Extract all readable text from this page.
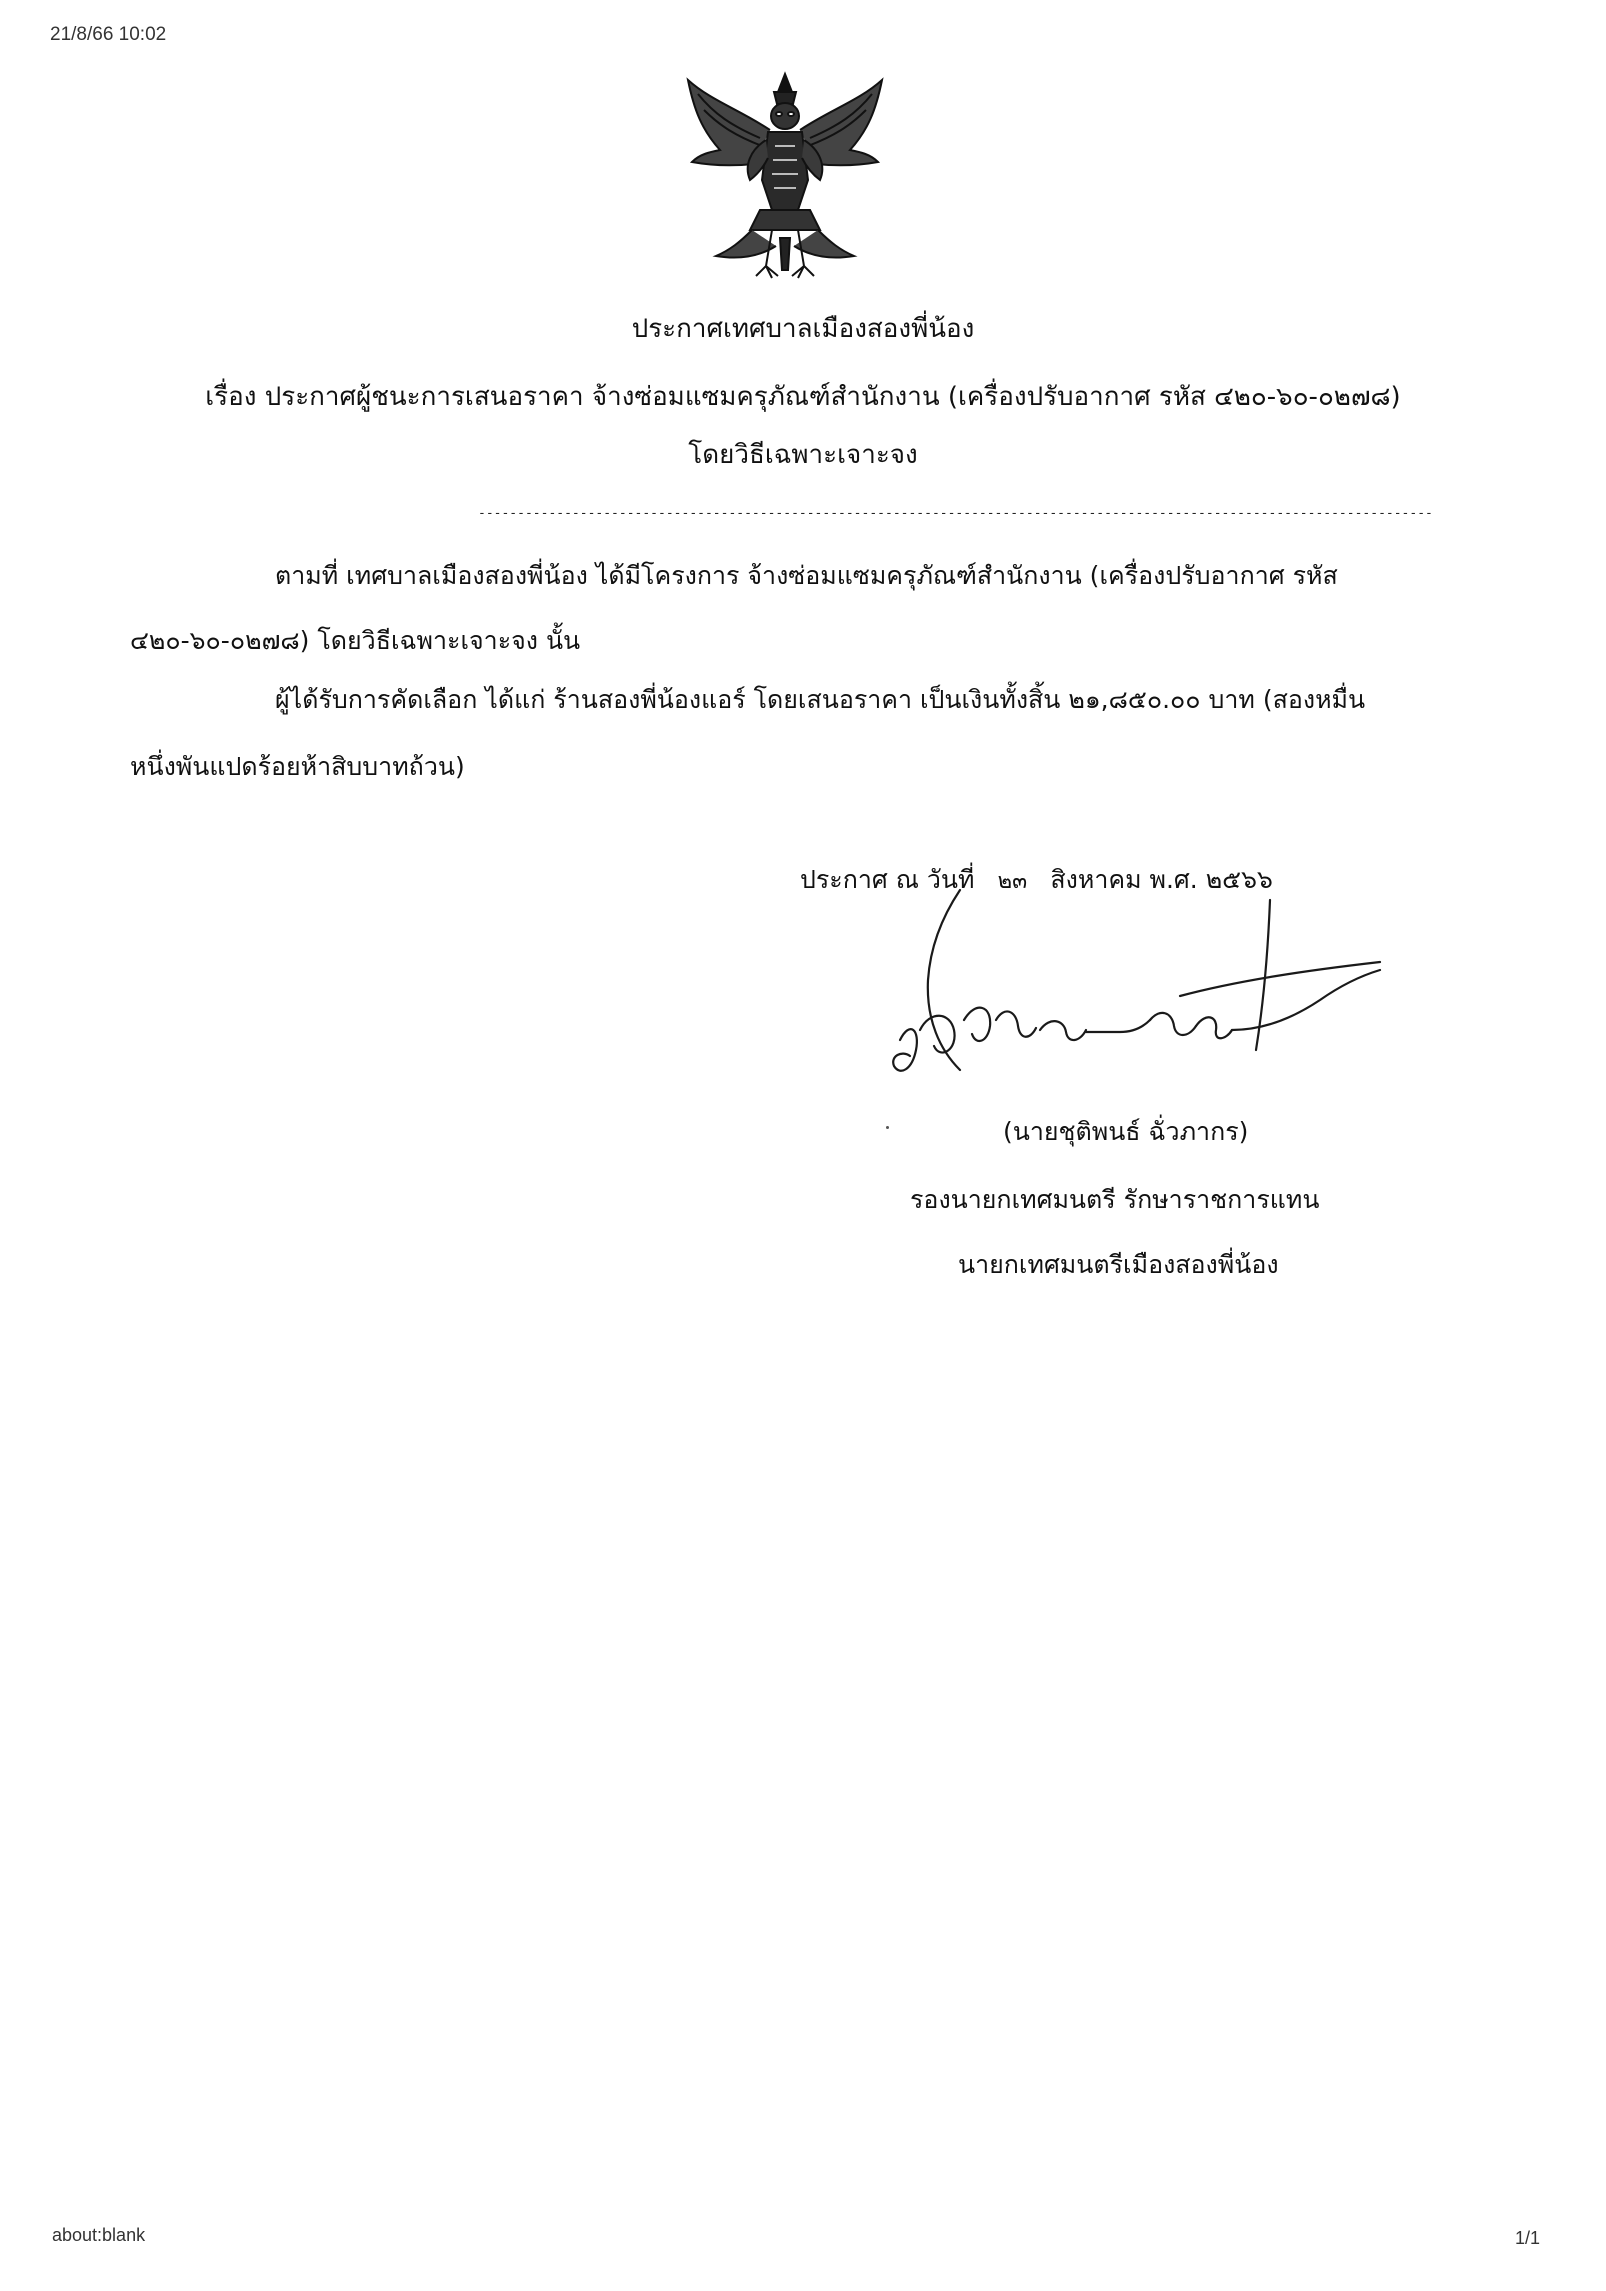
21/8/66 10:02
ประกาศเทศบาลเมืองสองพี่น้อง
เรื่อง ประกาศผู้ชนะการเสนอราคา จ้างซ่อมแซมครุภัณฑ์สำนักงาน (เครื่องปรับอากาศ รหัส ๔๒๐-๖๐-๐๒๗๘)
โดยวิธีเฉพาะเจาะจง
--------------------------------------------------------------------------------------------------------------------------
ตามที่ เทศบาลเมืองสองพี่น้อง ได้มีโครงการ จ้างซ่อมแซมครุภัณฑ์สำนักงาน (เครื่องปรับอากาศ รหัส
๔๒๐-๖๐-๐๒๗๘) โดยวิธีเฉพาะเจาะจง นั้น
ผู้ได้รับการคัดเลือก ได้แก่ ร้านสองพี่น้องแอร์ โดยเสนอราคา เป็นเงินทั้งสิ้น ๒๑,๘๕๐.๐๐ บาท (สองหมื่น
หนึ่งพันแปดร้อยห้าสิบบาทถ้วน)
ประกาศ ณ วันที่ ๒๓ สิงหาคม พ.ศ. ๒๕๖๖
(นายชุติพนธ์ ฉั่วภากร)
รองนายกเทศมนตรี รักษาราชการแทน
นายกเทศมนตรีเมืองสองพี่น้อง
about:blank	1/1
